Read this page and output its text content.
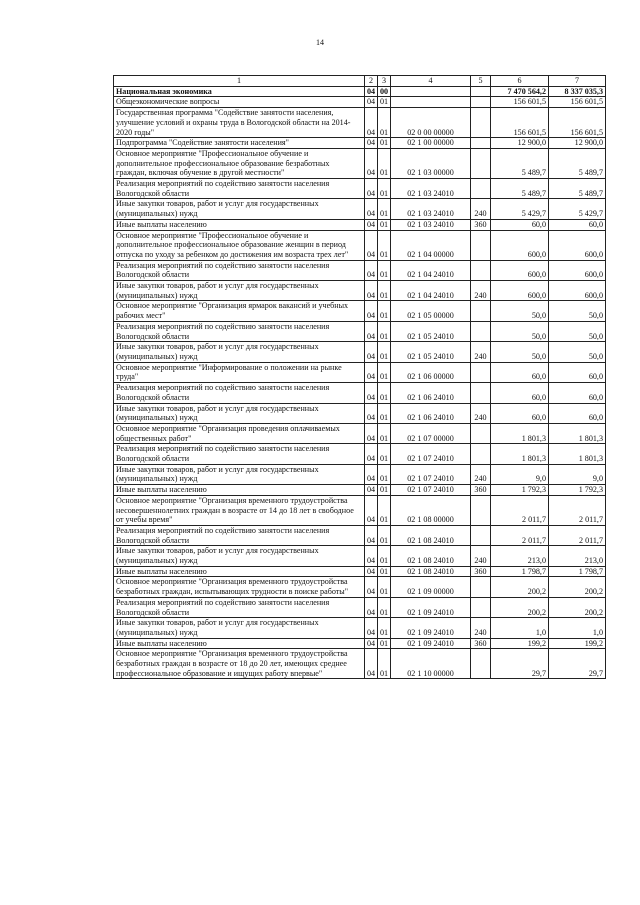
14
1	2	3	4	5	6	7
Национальная экономика	04	00			7 470 564,2	8 337 035,3
Общеэкономические вопросы	04	01			156 601,5	156 601,5
Государственная программа "Содействие занятости населения, улучшение условий и охраны труда в Вологодской области на 2014-2020 годы"	04	01	02 0 00 00000		156 601,5	156 601,5
Подпрограмма "Содействие занятости населения"	04	01	02 1 00 00000		12 900,0	12 900,0
Основное мероприятие "Профессиональное обучение и дополнительное профессиональное образование безработных граждан, включая обучение в другой местности"	04	01	02 1 03 00000		5 489,7	5 489,7
Реализация мероприятий по содействию занятости населения Вологодской области	04	01	02 1 03 24010		5 489,7	5 489,7
Иные закупки товаров, работ и услуг для государственных (муниципальных) нужд	04	01	02 1 03 24010	240	5 429,7	5 429,7
Иные выплаты населению	04	01	02 1 03 24010	360	60,0	60,0
Основное мероприятие "Профессиональное обучение и дополнительное профессиональное образование женщин в период отпуска по уходу за ребенком до достижения им возраста трех лет"	04	01	02 1 04 00000		600,0	600,0
Реализация мероприятий по содействию занятости населения Вологодской области	04	01	02 1 04 24010		600,0	600,0
Иные закупки товаров, работ и услуг для государственных (муниципальных) нужд	04	01	02 1 04 24010	240	600,0	600,0
Основное мероприятие "Организация ярмарок вакансий и учебных рабочих мест"	04	01	02 1 05 00000		50,0	50,0
Реализация мероприятий по содействию занятости населения Вологодской области	04	01	02 1 05 24010		50,0	50,0
Иные закупки товаров, работ и услуг для государственных (муниципальных) нужд	04	01	02 1 05 24010	240	50,0	50,0
Основное мероприятие "Информирование о положении на рынке труда"	04	01	02 1 06 00000		60,0	60,0
Реализация мероприятий по содействию занятости населения Вологодской области	04	01	02 1 06 24010		60,0	60,0
Иные закупки товаров, работ и услуг для государственных (муниципальных) нужд	04	01	02 1 06 24010	240	60,0	60,0
Основное мероприятие "Организация проведения оплачиваемых общественных работ"	04	01	02 1 07 00000		1 801,3	1 801,3
Реализация мероприятий по содействию занятости населения Вологодской области	04	01	02 1 07 24010		1 801,3	1 801,3
Иные закупки товаров, работ и услуг для государственных (муниципальных) нужд	04	01	02 1 07 24010	240	9,0	9,0
Иные выплаты населению	04	01	02 1 07 24010	360	1 792,3	1 792,3
Основное мероприятие "Организация временного трудоустройства несовершеннолетних граждан в возрасте от 14 до 18 лет в свободное от учебы время"	04	01	02 1 08 00000		2 011,7	2 011,7
Реализация мероприятий по содействию занятости населения Вологодской области	04	01	02 1 08 24010		2 011,7	2 011,7
Иные закупки товаров, работ и услуг для государственных (муниципальных) нужд	04	01	02 1 08 24010	240	213,0	213,0
Иные выплаты населению	04	01	02 1 08 24010	360	1 798,7	1 798,7
Основное мероприятие "Организация временного трудоустройства безработных граждан, испытывающих трудности в поиске работы"	04	01	02 1 09 00000		200,2	200,2
Реализация мероприятий по содействию занятости населения Вологодской области	04	01	02 1 09 24010		200,2	200,2
Иные закупки товаров, работ и услуг для государственных (муниципальных) нужд	04	01	02 1 09 24010	240	1,0	1,0
Иные выплаты населению	04	01	02 1 09 24010	360	199,2	199,2
Основное мероприятие "Организация временного трудоустройства безработных граждан в возрасте от 18 до 20 лет, имеющих среднее профессиональное образование и ищущих работу впервые"	04	01	02 1 10 00000		29,7	29,7
